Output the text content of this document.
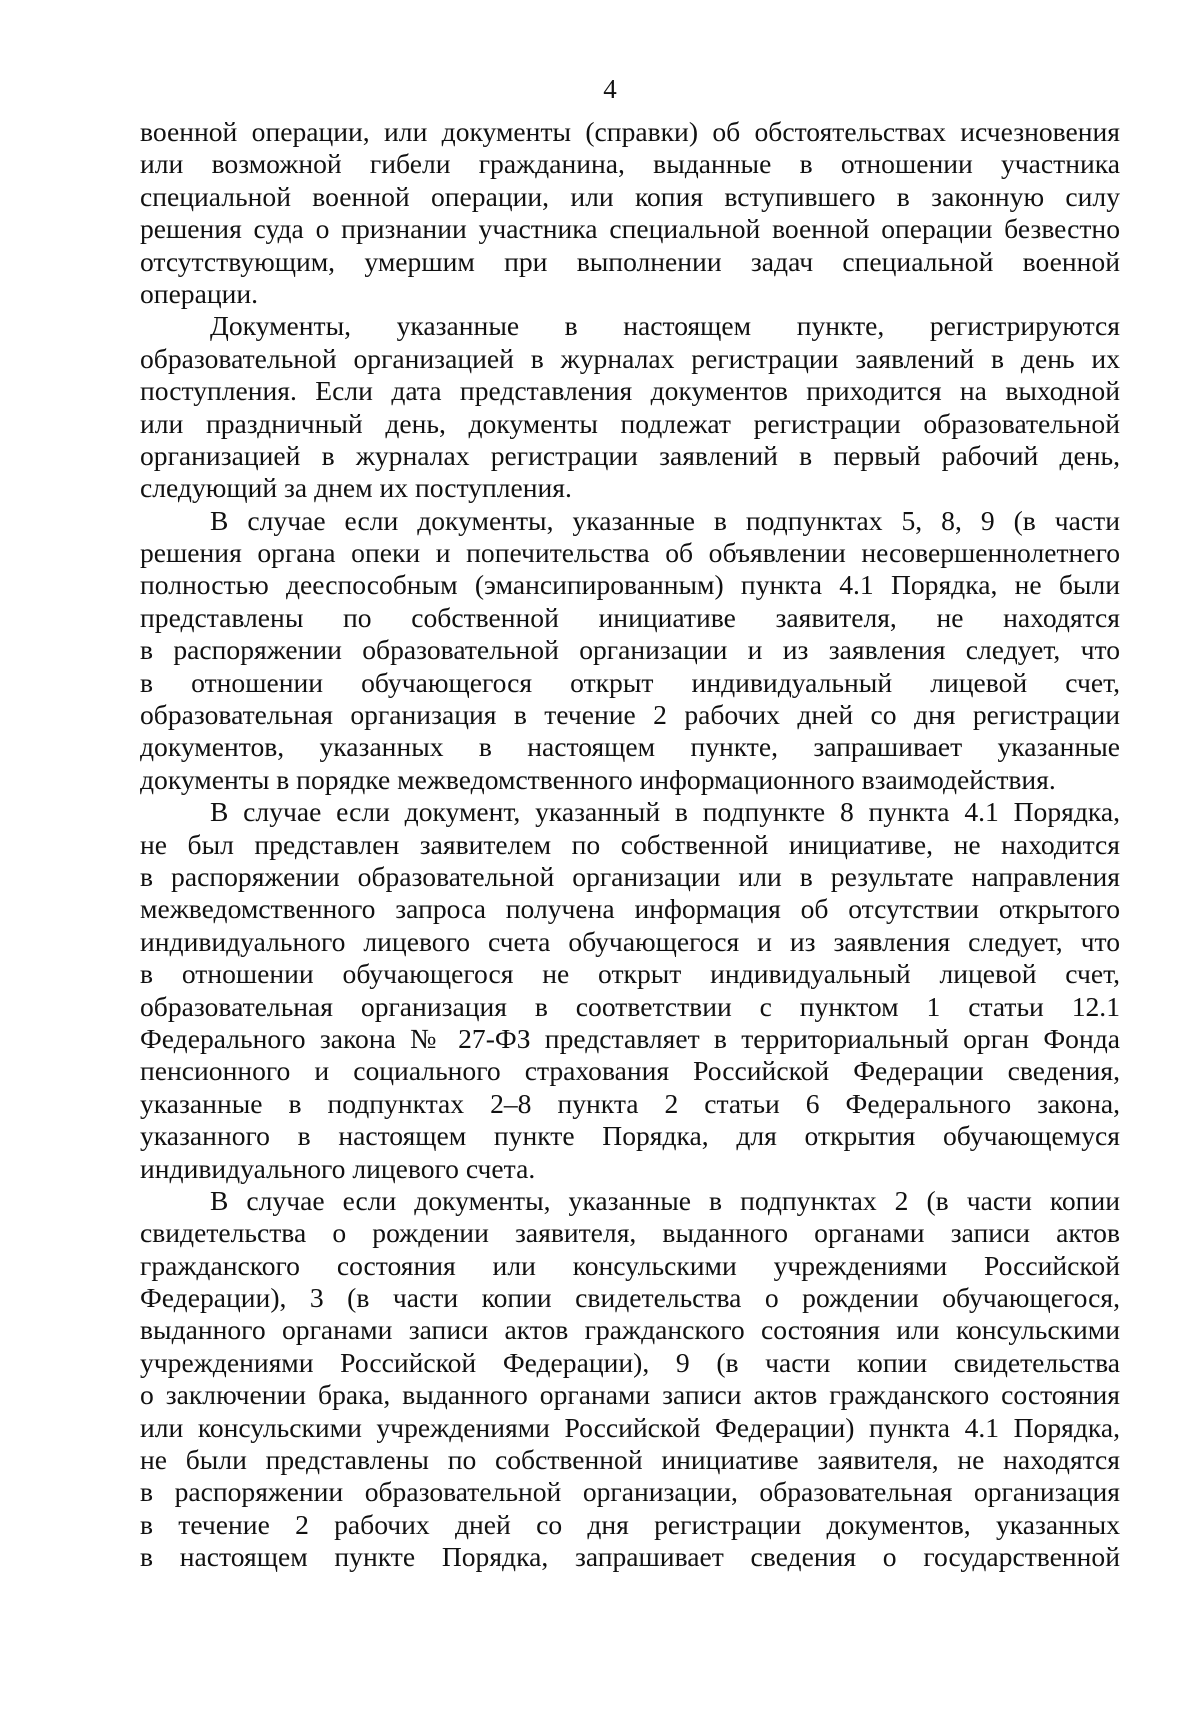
4
военной операции, или документы (справки) об обстоятельствах исчезновения
или возможной гибели гражданина, выданные в отношении участника
специальной военной операции, или копия вступившего в законную силу
решения суда о признании участника специальной военной операции безвестно
отсутствующим, умершим при выполнении задач специальной военной
операции.
Документы, указанные в настоящем пункте, регистрируются
образовательной организацией в журналах регистрации заявлений в день их
поступления. Если дата представления документов приходится на выходной
или праздничный день, документы подлежат регистрации образовательной
организацией в журналах регистрации заявлений в первый рабочий день,
следующий за днем их поступления.
В случае если документы, указанные в подпунктах 5, 8, 9 (в части
решения органа опеки и попечительства об объявлении несовершеннолетнего
полностью дееспособным (эмансипированным) пункта 4.1 Порядка, не были
представлены по собственной инициативе заявителя, не находятся
в распоряжении образовательной организации и из заявления следует, что
в отношении обучающегося открыт индивидуальный лицевой счет,
образовательная организация в течение 2 рабочих дней со дня регистрации
документов, указанных в настоящем пункте, запрашивает указанные
документы в порядке межведомственного информационного взаимодействия.
В случае если документ, указанный в подпункте 8 пункта 4.1 Порядка,
не был представлен заявителем по собственной инициативе, не находится
в распоряжении образовательной организации или в результате направления
межведомственного запроса получена информация об отсутствии открытого
индивидуального лицевого счета обучающегося и из заявления следует, что
в отношении обучающегося не открыт индивидуальный лицевой счет,
образовательная организация в соответствии с пунктом 1 статьи 12.1
Федерального закона № 27-ФЗ представляет в территориальный орган Фонда
пенсионного и социального страхования Российской Федерации сведения,
указанные в подпунктах 2–8 пункта 2 статьи 6 Федерального закона,
указанного в настоящем пункте Порядка, для открытия обучающемуся
индивидуального лицевого счета.
В случае если документы, указанные в подпунктах 2 (в части копии
свидетельства о рождении заявителя, выданного органами записи актов
гражданского состояния или консульскими учреждениями Российской
Федерации), 3 (в части копии свидетельства о рождении обучающегося,
выданного органами записи актов гражданского состояния или консульскими
учреждениями Российской Федерации), 9 (в части копии свидетельства
о заключении брака, выданного органами записи актов гражданского состояния
или консульскими учреждениями Российской Федерации) пункта 4.1 Порядка,
не были представлены по собственной инициативе заявителя, не находятся
в распоряжении образовательной организации, образовательная организация
в течение 2 рабочих дней со дня регистрации документов, указанных
в настоящем пункте Порядка, запрашивает сведения о государственной
